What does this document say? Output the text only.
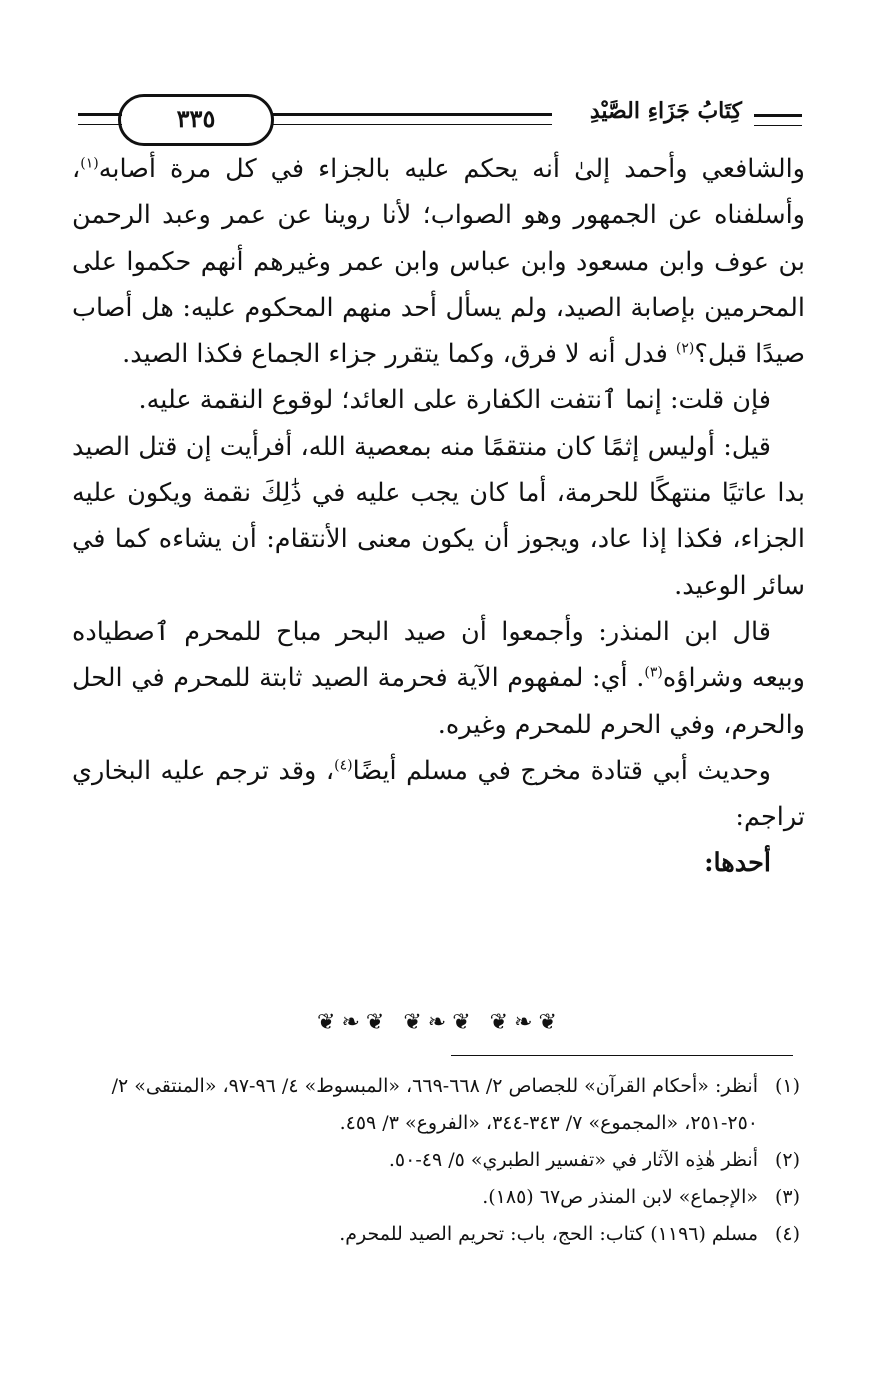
كِتَابُ جَزَاءِ الصَّيْدِ
٣٣٥

والشافعي وأحمد إلىٰ أنه يحكم عليه بالجزاء في كل مرة أصابه$^{(١)}$، وأسلفناه عن الجمهور وهو الصواب؛ لأنا روينا عن عمر وعبد الرحمن بن عوف وابن مسعود وابن عباس وابن عمر وغيرهم أنهم حكموا على المحرمين بإصابة الصيد، ولم يسأل أحد منهم المحكوم عليه: هل أصاب صيدًا قبل؟$^{(٢)}$ فدل أنه لا فرق، وكما يتقرر جزاء الجماع فكذا الصيد.

فإن قلت: إنما ٱنتفت الكفارة على العائد؛ لوقوع النقمة عليه.

قيل: أوليس إثمًا كان منتقمًا منه بمعصية الله، أفرأيت إن قتل الصيد بدا عاتيًا منتهكًا للحرمة، أما كان يجب عليه في ذَٰلِكَ نقمة ويكون عليه الجزاء، فكذا إذا عاد، ويجوز أن يكون معنى الأنتقام: أن يشاءه كما في سائر الوعيد.

قال ابن المنذر: وأجمعوا أن صيد البحر مباح للمحرم ٱصطياده وبيعه وشراؤه$^{(٣)}$. أي: لمفهوم الآية فحرمة الصيد ثابتة للمحرم في الحل والحرم، وفي الحرم للمحرم وغيره.

وحديث أبي قتادة مخرج في مسلم أيضًا$^{(٤)}$، وقد ترجم عليه البخاري تراجم:

أحدها:

❦❧❦ ❦❧❦ ❦❧❦

(١)
أنظر: «أحكام القرآن» للجصاص ٢/ ٦٦٨-٦٦٩، «المبسوط» ٤/ ٩٦-٩٧، «المنتقى» ٢/ ٢٥٠-٢٥١، «المجموع» ٧/ ٣٤٣-٣٤٤، «الفروع» ٣/ ٤٥٩.

(٢)
أنظر هٰذِه الآثار في «تفسير الطبري» ٥/ ٤٩-٥٠.

(٣)
«الإجماع» لابن المنذر ص٦٧ (١٨٥).

(٤)
مسلم (١١٩٦) كتاب: الحج، باب: تحريم الصيد للمحرم.
